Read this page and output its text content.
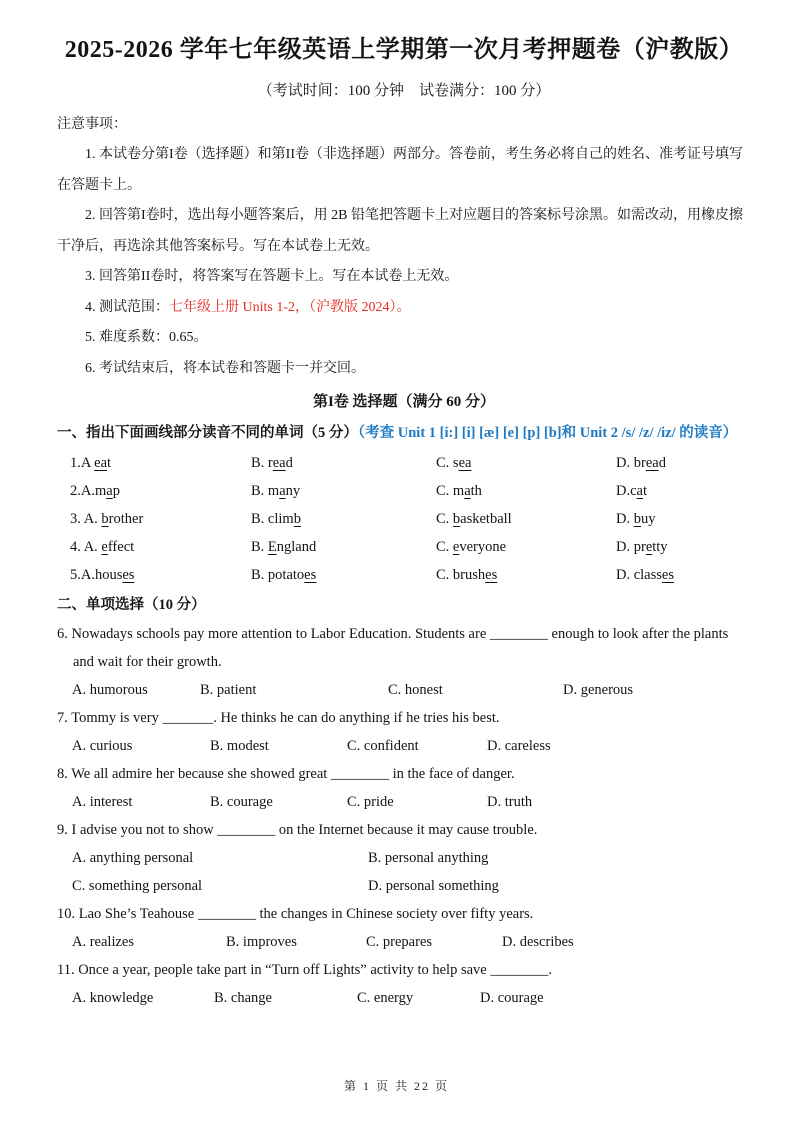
2025-2026 学年七年级英语上学期第一次月考押题卷（沪教版）
（考试时间：100 分钟　试卷满分：100 分）
注意事项：

1. 本试卷分第I卷（选择题）和第II卷（非选择题）两部分。答卷前，考生务必将自己的姓名、准考证号填写在答题卡上。

2. 回答第I卷时，选出每小题答案后，用 2B 铅笔把答题卡上对应题目的答案标号涂黑。如需改动，用橡皮擦干净后，再选涂其他答案标号。写在本试卷上无效。

3. 回答第II卷时，将答案写在答题卡上。写在本试卷上无效。

4. 测试范围：七年级上册 Units 1-2，（沪教版 2024）。

5. 难度系数：0.65。

6. 考试结束后，将本试卷和答题卡一并交回。

第I卷 选择题（满分 60 分）
一、指出下面画线部分读音不同的单词（5 分）（考查 Unit 1 [i:] [i] [æ] [e] [p] [b]和 Unit 2 /s/ /z/ /iz/ 的读音）
1.A eat	B. read	C. sea	D. bread
2.A.map	B. many	C. math	D.cat
3. A. brother	B. climb	C. basketball	D. buy
4. A. effect	B. England	C. everyone	D. pretty
5.A.houses	B. potatoes	C. brushes	D. classes
二、单项选择（10 分）
6. Nowadays schools pay more attention to Labor Education. Students are ________ enough to look after the plants and wait for their growth.
A. humorous	B. patient	C. honest	D. generous
7. Tommy is very _______. He thinks he can do anything if he tries his best.
A. curious	B. modest	C. confident	D. careless
8. We all admire her because she showed great ________ in the face of danger.
A. interest	B. courage	C. pride	D. truth
9. I advise you not to show ________ on the Internet because it may cause trouble.
A. anything personal	B. personal anything
C. something personal	D. personal something
10. Lao She’s Teahouse ________ the changes in Chinese society over fifty years.
A. realizes	B. improves	C. prepares	D. describes
11. Once a year, people take part in “Turn off Lights” activity to help save ________.
A. knowledge	B. change	C. energy	D. courage
第 1 页 共 22 页
